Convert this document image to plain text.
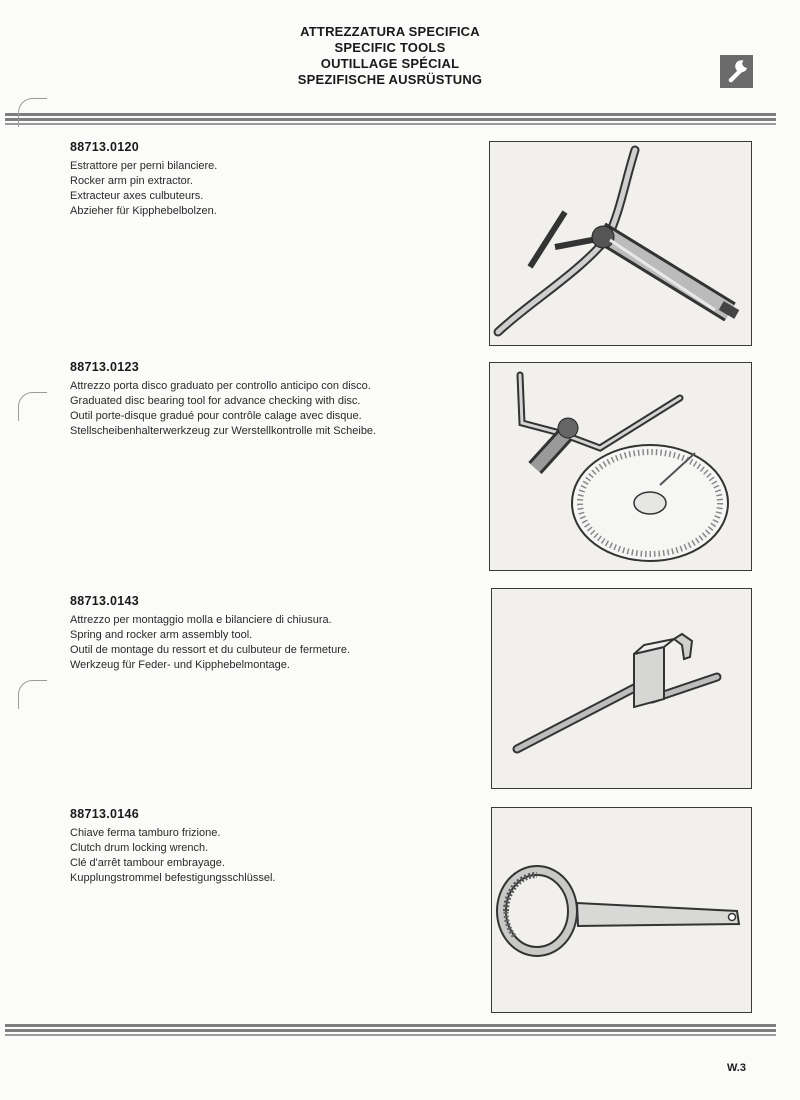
ATTREZZATURA SPECIFICA
SPECIFIC TOOLS
OUTILLAGE SPÉCIAL
SPEZIFISCHE AUSRÜSTUNG
88713.0120
Estrattore per perni bilanciere.
Rocker arm pin extractor.
Extracteur axes culbuteurs.
Abzieher für Kipphebelbolzen.
88713.0123
Attrezzo porta disco graduato per controllo anticipo con disco.
Graduated disc bearing tool for advance checking with disc.
Outil porte-disque gradué pour contrôle calage avec disque.
Stellscheibenhalterwerkzeug zur Werstellkontrolle mit Scheibe.
88713.0143
Attrezzo per montaggio molla e bilanciere di chiusura.
Spring and rocker arm assembly tool.
Outil de montage du ressort et du culbuteur de fermeture.
Werkzeug für Feder- und Kipphebelmontage.
88713.0146
Chiave ferma tamburo frizione.
Clutch drum locking wrench.
Clé d'arrêt tambour embrayage.
Kupplungstrommel befestigungsschlüssel.
W.3
